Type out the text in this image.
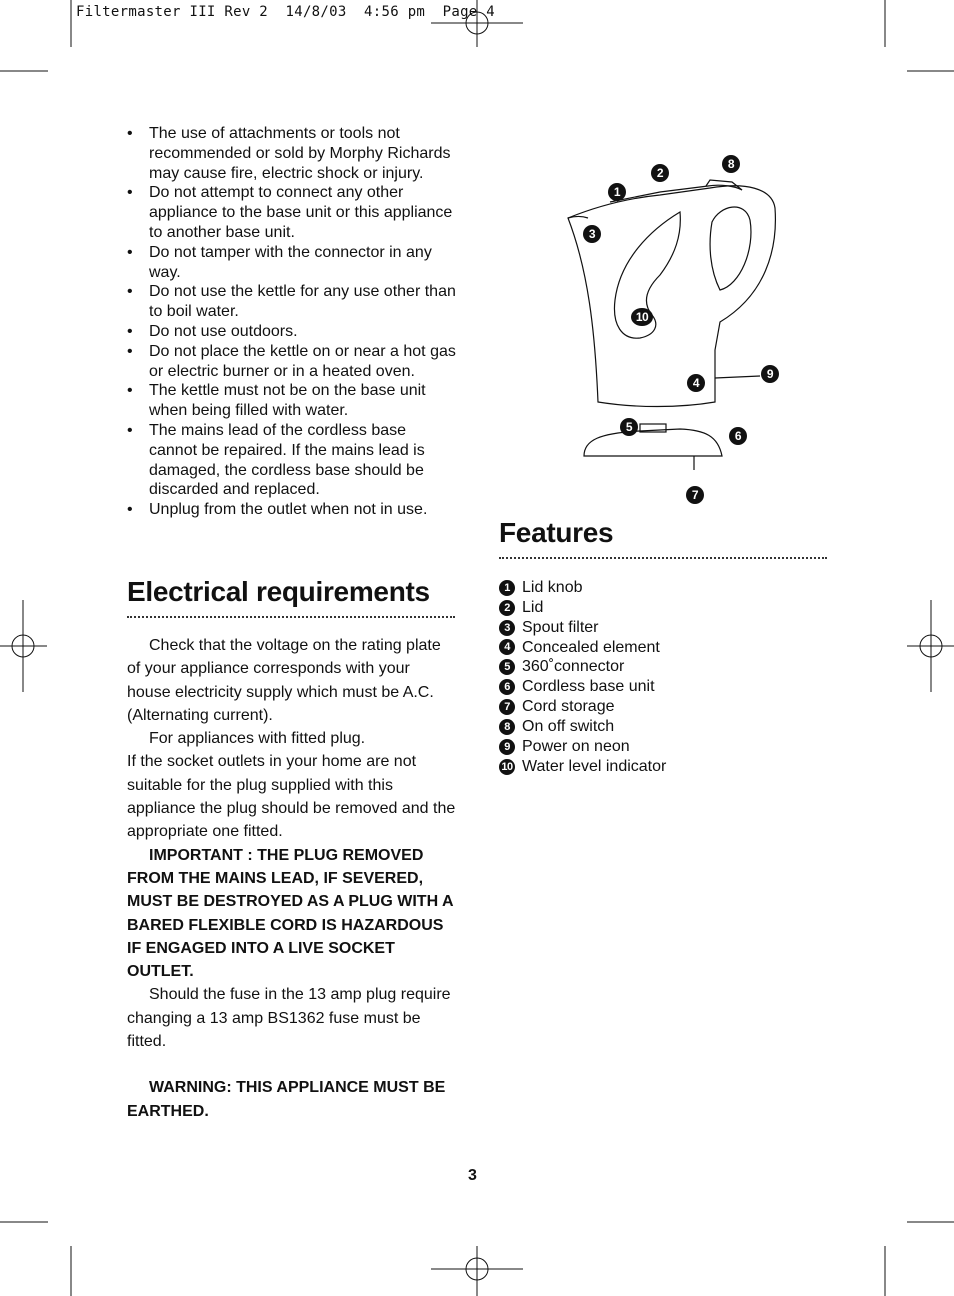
Filtermaster III Rev 2  14/8/03  4:56 pm  Page 4
• The use of attachments or tools not recommended or sold by Morphy Richards may cause fire, electric shock or injury.
• Do not attempt to connect any other appliance to the base unit or this appliance to another base unit.
• Do not tamper with the connector in any way.
• Do not use the kettle for any use other than to boil water.
• Do not use outdoors.
• Do not place the kettle on or near a hot gas or electric burner or in a heated oven.
• The kettle must not be on the base unit when being filled with water.
• The mains lead of the cordless base cannot be repaired. If the mains lead is damaged, the cordless base should be discarded and replaced.
• Unplug from the outlet when not in use.
Electrical requirements

Check that the voltage on the rating plate of your appliance corresponds with your house electricity supply which must be A.C. (Alternating current).

For appliances with fitted plug.

If the socket outlets in your home are not suitable for the plug supplied with this appliance the plug should be removed and the appropriate one fitted.

IMPORTANT : THE PLUG REMOVED FROM THE MAINS LEAD, IF SEVERED, MUST BE DESTROYED AS A PLUG WITH A BARED FLEXIBLE CORD IS HAZARDOUS IF ENGAGED INTO A LIVE SOCKET OUTLET.

Should the fuse in the 13 amp plug require changing a 13 amp BS1362 fuse must be fitted.

WARNING: THIS APPLIANCE MUST BE EARTHED.

1
2
3
4
5
6
7
8
9
10
Features
1 Lid knob
2 Lid
3 Spout filter
4 Concealed element
5 360˚connector
6 Cordless base unit
7 Cord storage
8 On off switch
9 Power on neon
10 Water level indicator
3
